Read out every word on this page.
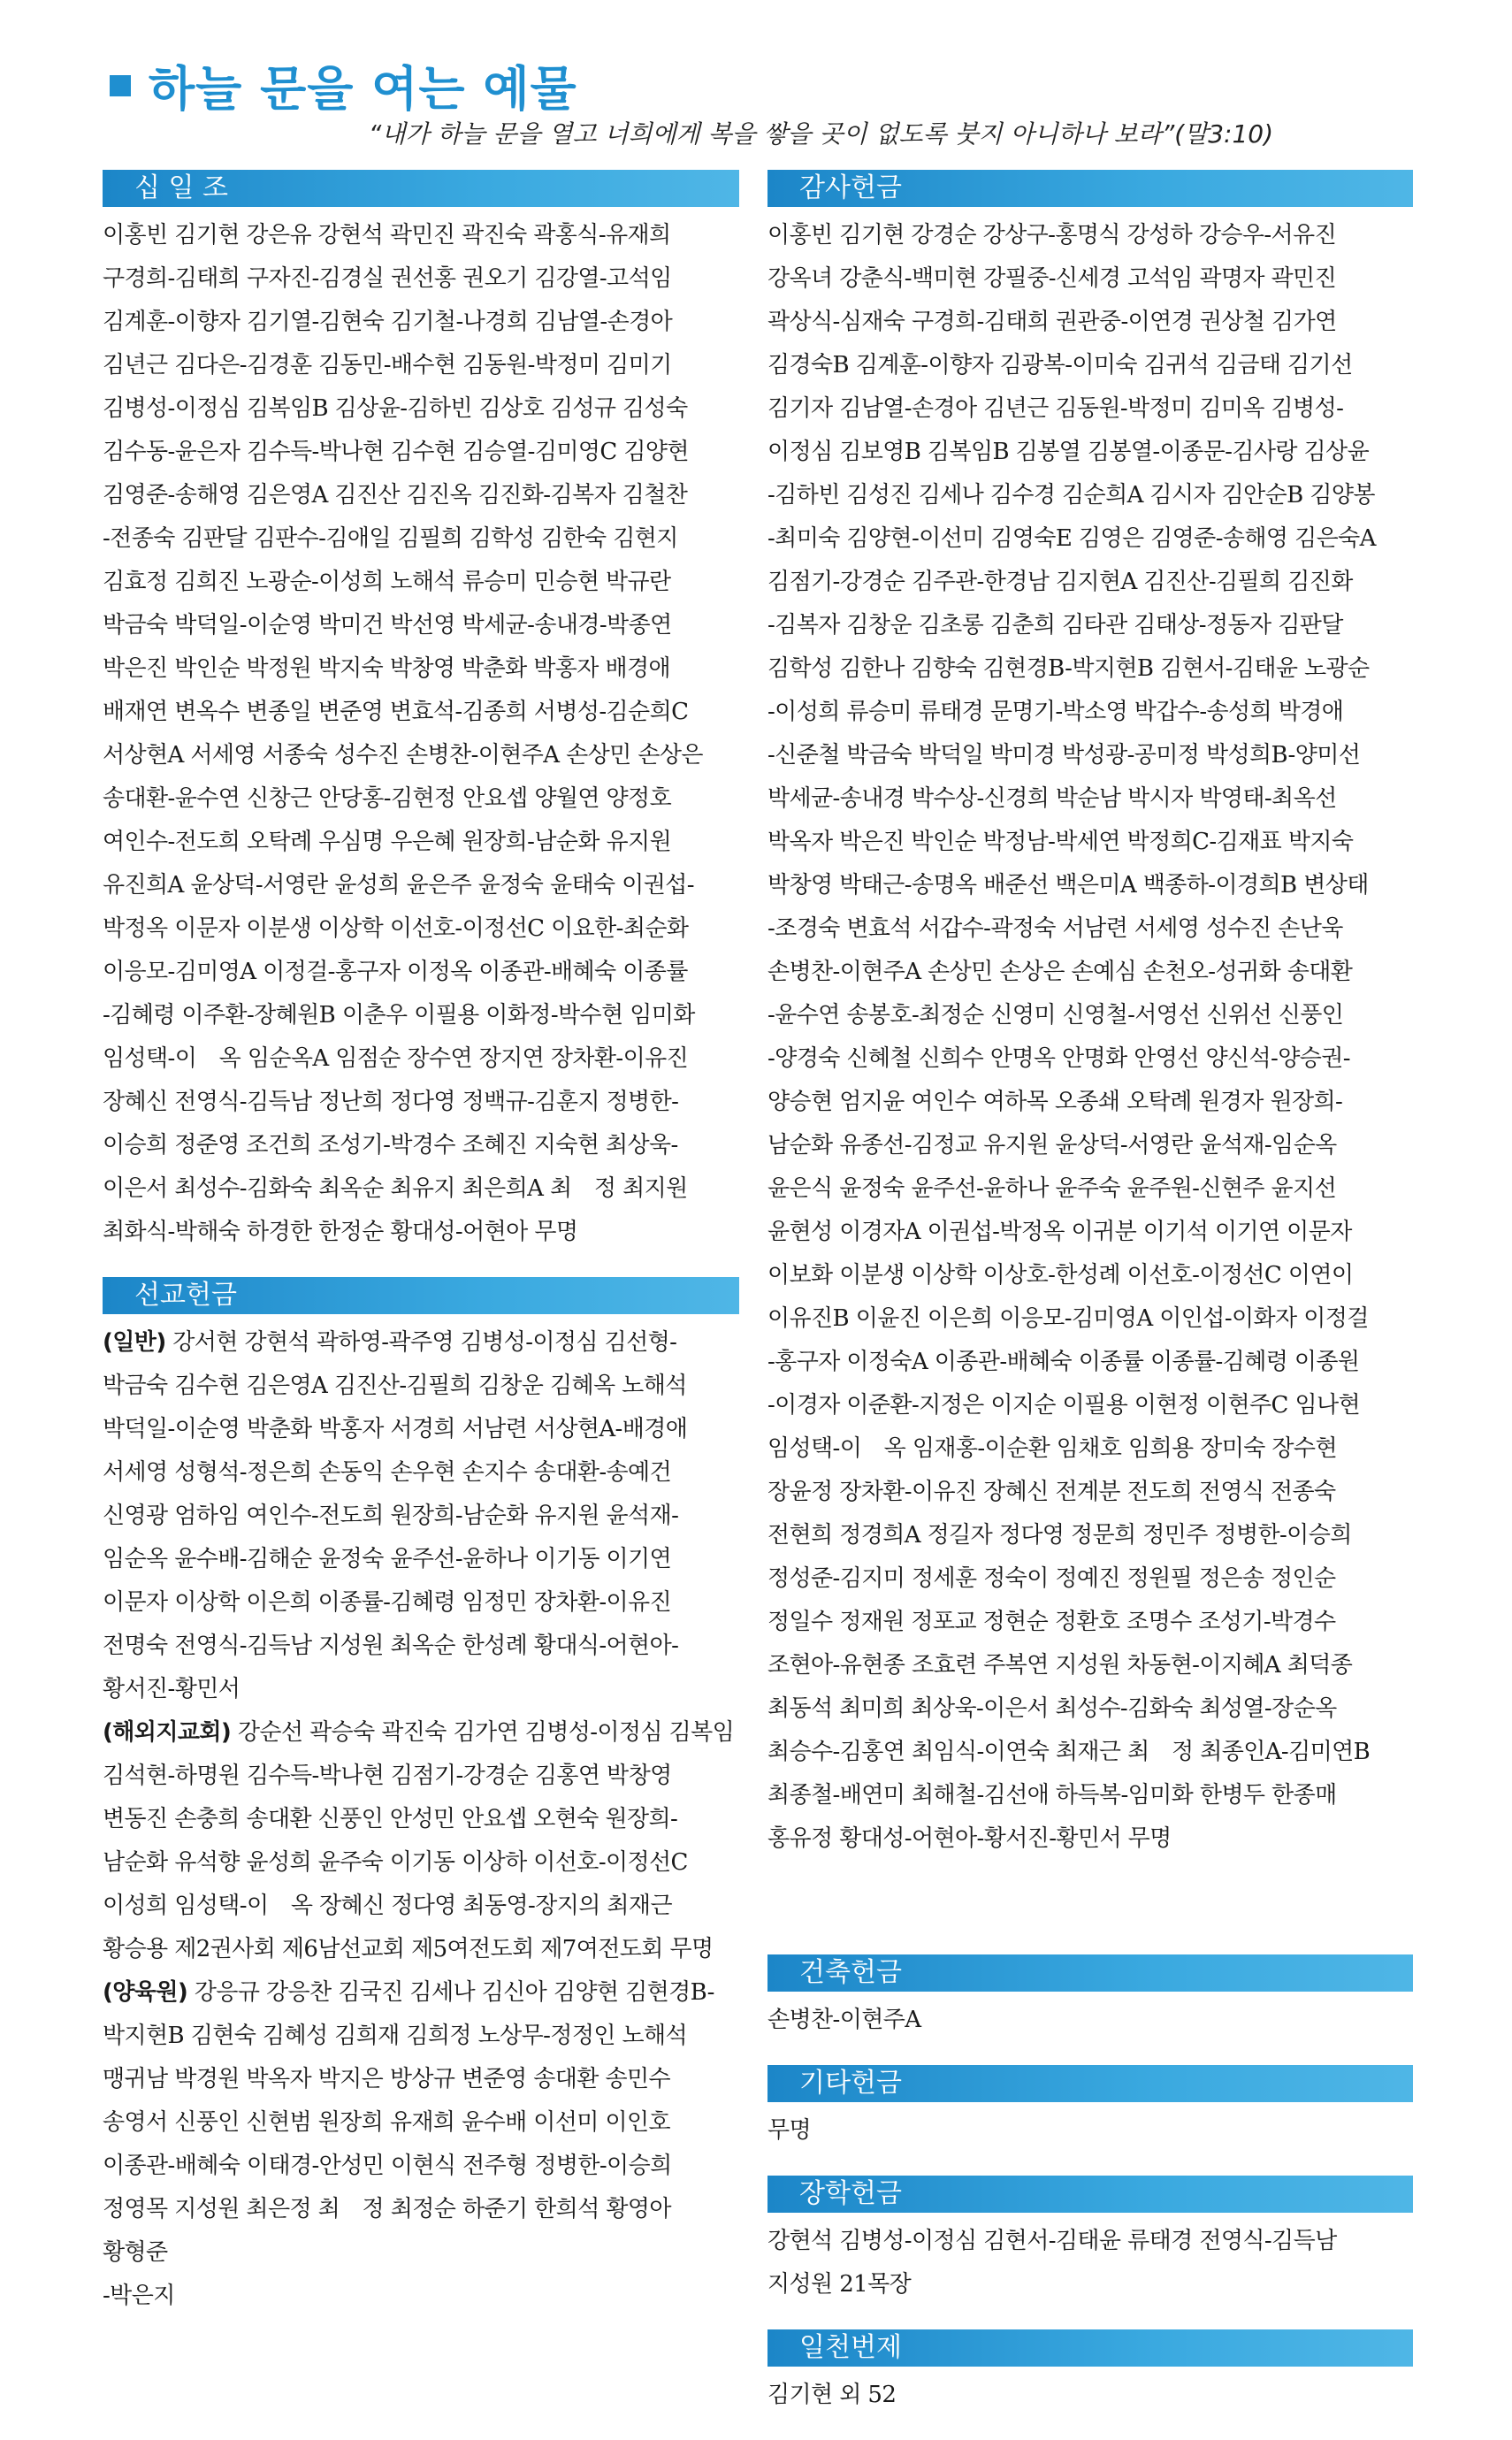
하늘 문을 여는 예물
“내가 하늘 문을 열고 너희에게 복을 쌓을 곳이 없도록 붓지 아니하나 보라”(말3:10)
십 일 조
이홍빈 김기현 강은유 강현석 곽민진 곽진숙 곽홍식-유재희
구경희-김태희 구자진-김경실 권선홍 권오기 김강열-고석임
김계훈-이향자 김기열-김현숙 김기철-나경희 김남열-손경아
김년근 김다은-김경훈 김동민-배수현 김동원-박정미 김미기
김병성-이정심 김복임B 김상윤-김하빈 김상호 김성규 김성숙
김수동-윤은자 김수득-박나현 김수현 김승열-김미영C 김양현
김영준-송해영 김은영A 김진산 김진옥 김진화-김복자 김철찬
-전종숙 김판달 김판수-김애일 김필희 김학성 김한숙 김현지
김효정 김희진 노광순-이성희 노해석 류승미 민승현 박규란
박금숙 박덕일-이순영 박미건 박선영 박세균-송내경-박종연
박은진 박인순 박정원 박지숙 박창영 박춘화 박홍자 배경애
배재연 변옥수 변종일 변준영 변효석-김종희 서병성-김순희C
서상현A 서세영 서종숙 성수진 손병찬-이현주A 손상민 손상은
송대환-윤수연 신창근 안당홍-김현정 안요셉 양월연 양정호
여인수-전도희 오탁례 우심명 우은혜 원장희-남순화 유지원
유진희A 윤상덕-서영란 윤성희 윤은주 윤정숙 윤태숙 이권섭-
박정옥 이문자 이분생 이상학 이선호-이정선C 이요한-최순화
이응모-김미영A 이정걸-홍구자 이정옥 이종관-배혜숙 이종률
-김혜령 이주환-장혜원B 이춘우 이필용 이화정-박수현 임미화
임성택-이　옥 임순옥A 임점순 장수연 장지연 장차환-이유진
장혜신 전영식-김득남 정난희 정다영 정백규-김훈지 정병한-
이승희 정준영 조건희 조성기-박경수 조혜진 지숙현 최상욱-
이은서 최성수-김화숙 최옥순 최유지 최은희A 최　정 최지원
최화식-박해숙 하경한 한정순 황대성-어현아 무명
선교헌금
(일반) 강서현 강현석 곽하영-곽주영 김병성-이정심 김선형-
박금숙 김수현 김은영A 김진산-김필희 김창운 김혜옥 노해석
박덕일-이순영 박춘화 박홍자 서경희 서남련 서상현A-배경애
서세영 성형석-정은희 손동익 손우현 손지수 송대환-송예건
신영광 엄하임 여인수-전도희 원장희-남순화 유지원 윤석재-
임순옥 윤수배-김해순 윤정숙 윤주선-윤하나 이기동 이기연
이문자 이상학 이은희 이종률-김혜령 임정민 장차환-이유진
전명숙 전영식-김득남 지성원 최옥순 한성례 황대식-어현아-
황서진-황민서
(해외지교회) 강순선 곽승숙 곽진숙 김가연 김병성-이정심 김복임
김석현-하명원 김수득-박나현 김점기-강경순 김홍연 박창영
변동진 손충희 송대환 신풍인 안성민 안요셉 오현숙 원장희-
남순화 유석향 윤성희 윤주숙 이기동 이상하 이선호-이정선C
이성희 임성택-이　옥 장혜신 정다영 최동영-장지의 최재근
황승용 제2권사회 제6남선교회 제5여전도회 제7여전도회 무명
(양육원) 강응규 강응찬 김국진 김세나 김신아 김양현 김현경B-
박지현B 김현숙 김혜성 김희재 김희정 노상무-정정인 노해석
맹귀남 박경원 박옥자 박지은 방상규 변준영 송대환 송민수
송영서 신풍인 신현범 원장희 유재희 윤수배 이선미 이인호
이종관-배혜숙 이태경-안성민 이현식 전주형 정병한-이승희
정영목 지성원 최은정 최　정 최정순 하준기 한희석 황영아 황형준
-박은지
감사헌금
이홍빈 김기현 강경순 강상구-홍명식 강성하 강승우-서유진
강옥녀 강춘식-백미현 강필중-신세경 고석임 곽명자 곽민진
곽상식-심재숙 구경희-김태희 권관중-이연경 권상철 김가연
김경숙B 김계훈-이향자 김광복-이미숙 김귀석 김금태 김기선
김기자 김남열-손경아 김년근 김동원-박정미 김미옥 김병성-
이정심 김보영B 김복임B 김봉열 김봉열-이종문-김사랑 김상윤
-김하빈 김성진 김세나 김수경 김순희A 김시자 김안순B 김양봉
-최미숙 김양현-이선미 김영숙E 김영은 김영준-송해영 김은숙A
김점기-강경순 김주관-한경남 김지현A 김진산-김필희 김진화
-김복자 김창운 김초롱 김춘희 김타관 김태상-정동자 김판달
김학성 김한나 김향숙 김현경B-박지현B 김현서-김태윤 노광순
-이성희 류승미 류태경 문명기-박소영 박갑수-송성희 박경애
-신준철 박금숙 박덕일 박미경 박성광-공미정 박성희B-양미선
박세균-송내경 박수상-신경희 박순남 박시자 박영태-최옥선
박옥자 박은진 박인순 박정남-박세연 박정희C-김재표 박지숙
박창영 박태근-송명옥 배준선 백은미A 백종하-이경희B 변상태
-조경숙 변효석 서갑수-곽정숙 서남련 서세영 성수진 손난욱
손병찬-이현주A 손상민 손상은 손예심 손천오-성귀화 송대환
-윤수연 송봉호-최정순 신영미 신영철-서영선 신위선 신풍인
-양경숙 신혜철 신희수 안명옥 안명화 안영선 양신석-양승권-
양승현 엄지윤 여인수 여하목 오종쇄 오탁례 원경자 원장희-
남순화 유종선-김정교 유지원 윤상덕-서영란 윤석재-임순옥
윤은식 윤정숙 윤주선-윤하나 윤주숙 윤주원-신현주 윤지선
윤현성 이경자A 이권섭-박정옥 이귀분 이기석 이기연 이문자
이보화 이분생 이상학 이상호-한성례 이선호-이정선C 이연이
이유진B 이윤진 이은희 이응모-김미영A 이인섭-이화자 이정걸
-홍구자 이정숙A 이종관-배혜숙 이종률 이종률-김혜령 이종원
-이경자 이준환-지정은 이지순 이필용 이현정 이현주C 임나현
임성택-이　옥 임재홍-이순환 임채호 임희용 장미숙 장수현
장윤정 장차환-이유진 장혜신 전계분 전도희 전영식 전종숙
전현희 정경희A 정길자 정다영 정문희 정민주 정병한-이승희
정성준-김지미 정세훈 정숙이 정예진 정원필 정은송 정인순
정일수 정재원 정포교 정현순 정환호 조명수 조성기-박경수
조현아-유현종 조효련 주복연 지성원 차동현-이지혜A 최덕종
최동석 최미희 최상욱-이은서 최성수-김화숙 최성열-장순옥
최승수-김홍연 최임식-이연숙 최재근 최　정 최종인A-김미연B
최종철-배연미 최해철-김선애 하득복-임미화 한병두 한종매
홍유정 황대성-어현아-황서진-황민서 무명
건축헌금
손병찬-이현주A
기타헌금
무명
장학헌금
강현석 김병성-이정심 김현서-김태윤 류태경 전영식-김득남
지성원 21목장
일천번제
김기현 외 52
